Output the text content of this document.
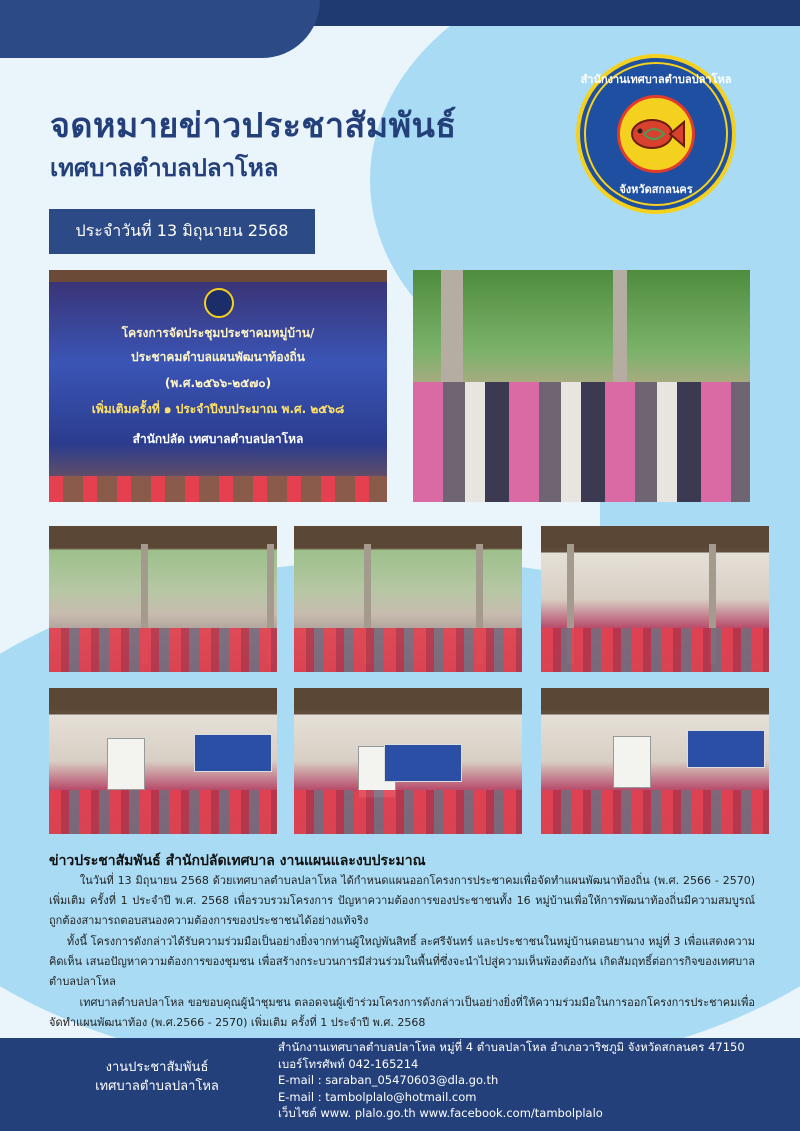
จดหมายข่าวประชาสัมพันธ์
เทศบาลตำบลปลาโหล
สำนักงานเทศบาลตำบลปลาโหล
จังหวัดสกลนคร
ประจำวันที่ 13 มิถุนายน 2568
โครงการจัดประชุมประชาคมหมู่บ้าน/
ประชาคมตำบลแผนพัฒนาท้องถิ่น
(พ.ศ.๒๕๖๖-๒๕๗๐)
เพิ่มเติมครั้งที่ ๑ ประจำปีงบประมาณ พ.ศ. ๒๕๖๘
สำนักปลัด เทศบาลตำบลปลาโหล
ข่าวประชาสัมพันธ์ สำนักปลัดเทศบาล งานแผนและงบประมาณ

ในวันที่ 13 มิถุนายน 2568 ด้วยเทศบาลตำบลปลาโหล ได้กำหนดแผนออกโครงการประชาคมเพื่อจัดทำแผนพัฒนาท้องถิ่น (พ.ศ. 2566 - 2570) เพิ่มเติม ครั้งที่ 1 ประจำปี พ.ศ. 2568 เพื่อรวบรวมโครงการ ปัญหาความต้องการของประชาชนทั้ง 16 หมู่บ้านเพื่อให้การพัฒนาท้องถิ่นมีความสมบูรณ์ถูกต้องสามารถตอบสนองความต้องการของประชาชนได้อย่างแท้จริง

ทั้งนี้ โครงการดังกล่าวได้รับความร่วมมือเป็นอย่างยิ่งจากท่านผู้ใหญ่พันสิทธิ์ ละศรีจันทร์ และประชาชนในหมู่บ้านดอนยานาง หมู่ที่ 3 เพื่อแสดงความคิดเห็น เสนอปัญหาความต้องการของชุมชน เพื่อสร้างกระบวนการมีส่วนร่วมในพื้นที่ซึ่งจะนำไปสู่ความเห็นพ้องต้องกัน เกิดสัมฤทธิ์ต่อการกิจของเทศบาลตำบลปลาโหล

เทศบาลตำบลปลาโหล ขอขอบคุณผู้นำชุมชน ตลอดจนผู้เข้าร่วมโครงการดังกล่าวเป็นอย่างยิ่งที่ให้ความร่วมมือในการออกโครงการประชาคมเพื่อจัดทำแผนพัฒนาท้อง (พ.ศ.2566 - 2570) เพิ่มเติม ครั้งที่ 1 ประจำปี พ.ศ. 2568

งานประชาสัมพันธ์
เทศบาลตำบลปลาโหล
สำนักงานเทศบาลตำบลปลาโหล หมู่ที่ 4 ตำบลปลาโหล อำเภอวาริชภูมิ จังหวัดสกลนคร 47150
เบอร์โทรศัพท์ 042-165214
E-mail : saraban_05470603@dla.go.th
E-mail : tambolplalo@hotmail.com
เว็บไซต์ www. plalo.go.th www.facebook.com/tambolplalo
